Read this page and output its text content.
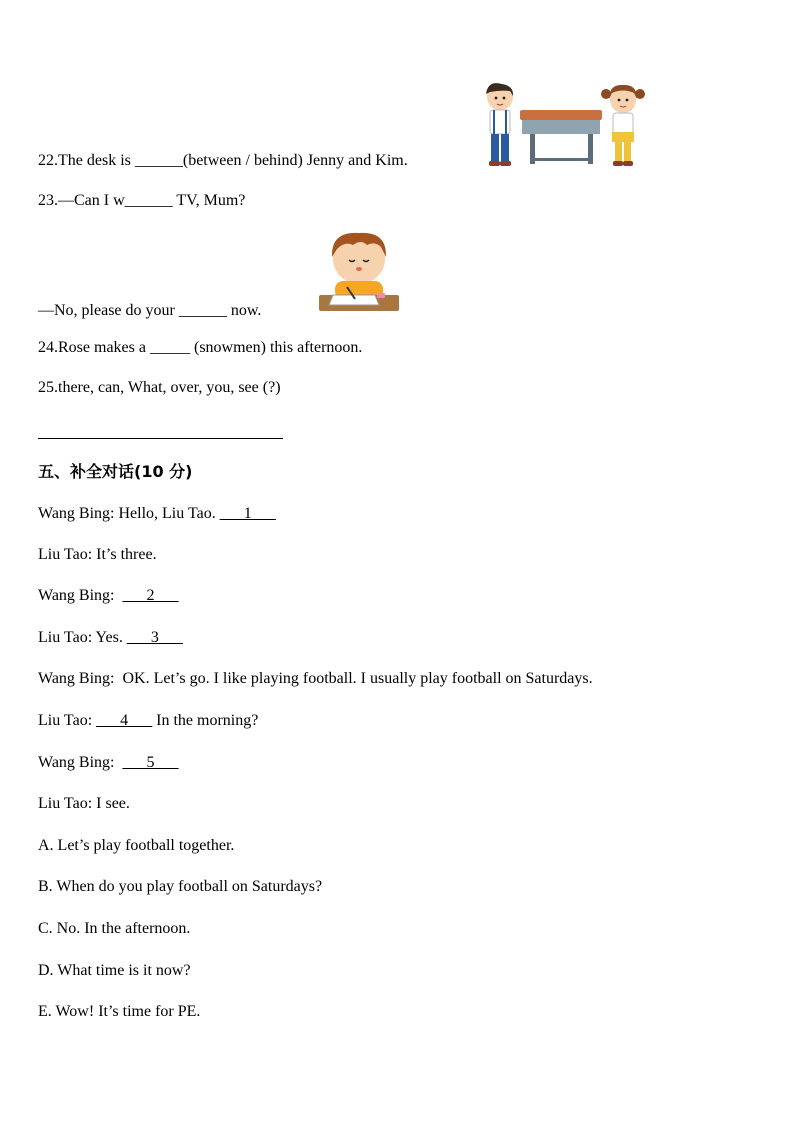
22.The desk is ______(between / behind) Jenny and Kim.
23.—Can I w______ TV, Mum?
—No, please do your ______ now.
24.Rose makes a _____ (snowmen) this afternoon.
25.there, can, What, over, you, see (?)
五、补全对话(10 分)
Wang Bing: Hello, Liu Tao. ___1___
Liu Tao: It’s three.
Wang Bing: ___2___
Liu Tao: Yes. ___3___
Wang Bing: OK. Let’s go. I like playing football. I usually play football on Saturdays.
Liu Tao: ___4___ In the morning?
Wang Bing: ___5___
Liu Tao: I see.
A. Let’s play football together.
B. When do you play football on Saturdays?
C. No. In the afternoon.
D. What time is it now?
E. Wow! It’s time for PE.
